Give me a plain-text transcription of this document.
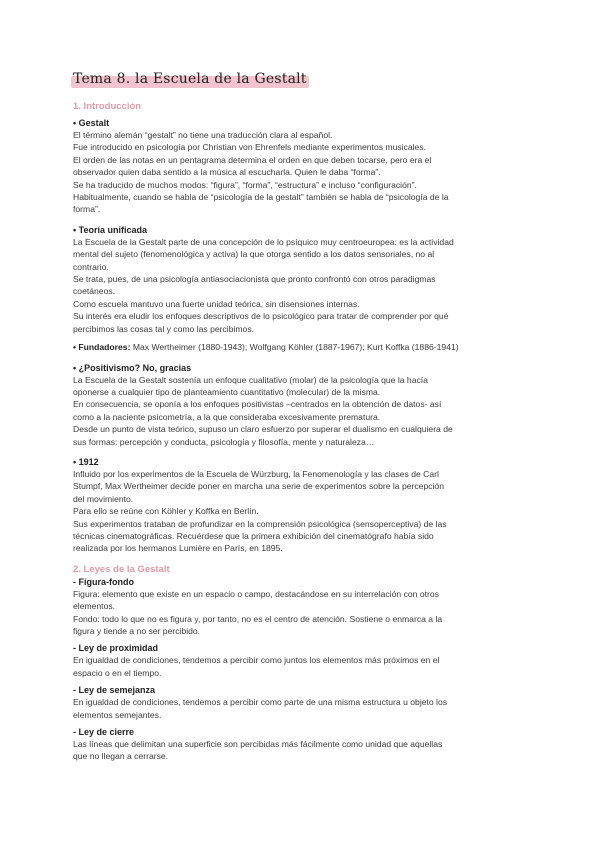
Tema 8. la Escuela de la Gestalt
1. Introducción
• Gestalt

El término alemán “gestalt” no tiene una traducción clara al español.

Fue introducido en psicología por Christian von Ehrenfels mediante experimentos musicales.

El orden de las notas en un pentagrama determina el orden en que deben tocarse, pero era el

observador quien daba sentido a la música al escucharla. Quien le daba “forma”.

Se ha traducido de muchos modos: “figura”, “forma”, “estructura” e incluso “configuración”.

Habitualmente, cuando se habla de “psicología de la gestalt” también se habla de “psicología de la

forma”.

• Teoría unificada

La Escuela de la Gestalt parte de una concepción de lo psíquico muy centroeuropea: es la actividad

mental del sujeto (fenomenológica y activa) la que otorga sentido a los datos sensoriales, no al

contrario.

Se trata, pues, de una psicología antiasociacionista que pronto confrontó con otros paradigmas

coetáneos.

Como escuela mantuvo una fuerte unidad teórica, sin disensiones internas.

Su interés era eludir los enfoques descriptivos de lo psicológico para tratar de comprender por qué

percibimos las cosas tal y como las percibimos.

• Fundadores: Max Wertheimer (1880-1943); Wolfgang Köhler (1887-1967); Kurt Koffka (1886-1941)

• ¿Positivismo? No, gracias

La Escuela de la Gestalt sostenía un enfoque cualitativo (molar) de la psicología que la hacía

oponerse a cualquier tipo de planteamiento cuantitativo (molecular) de la misma.

En consecuencia, se oponía a los enfoques positivistas –centrados en la obtención de datos- así

como a la naciente psicometría, a la que consideraba excesivamente prematura.

Desde un punto de vista teórico, supuso un claro esfuerzo por superar el dualismo en cualquiera de

sus formas: percepción y conducta, psicología y filosofía, mente y naturaleza…

• 1912

Influido por los experimentos de la Escuela de Würzburg, la Fenomenología y las clases de Carl

Stumpf, Max Wertheimer decide poner en marcha una serie de experimentos sobre la percepción

del movimiento.

Para ello se reúne con Köhler y Koffka en Berlín.

Sus experimentos trataban de profundizar en la comprensión psicológica (sensoperceptiva) de las

técnicas cinematográficas. Recuérdese que la primera exhibición del cinematógrafo había sido

realizada por los hermanos Lumière en París, en 1895.

2. Leyes de la Gestalt
- Figura-fondo

Figura: elemento que existe en un espacio o campo, destacándose en su interrelación con otros

elementos.

Fondo: todo lo que no es figura y, por tanto, no es el centro de atención. Sostiene o enmarca a la

figura y tiende a no ser percibido.

- Ley de proximidad

En igualdad de condiciones, tendemos a percibir como juntos los elementos más próximos en el

espacio o en el tiempo.

- Ley de semejanza

En igualdad de condiciones, tendemos a percibir como parte de una misma estructura u objeto los

elementos semejantes.

- Ley de cierre

Las líneas que delimitan una superficie son percibidas más fácilmente como unidad que aquellas

que no llegan a cerrarse.
